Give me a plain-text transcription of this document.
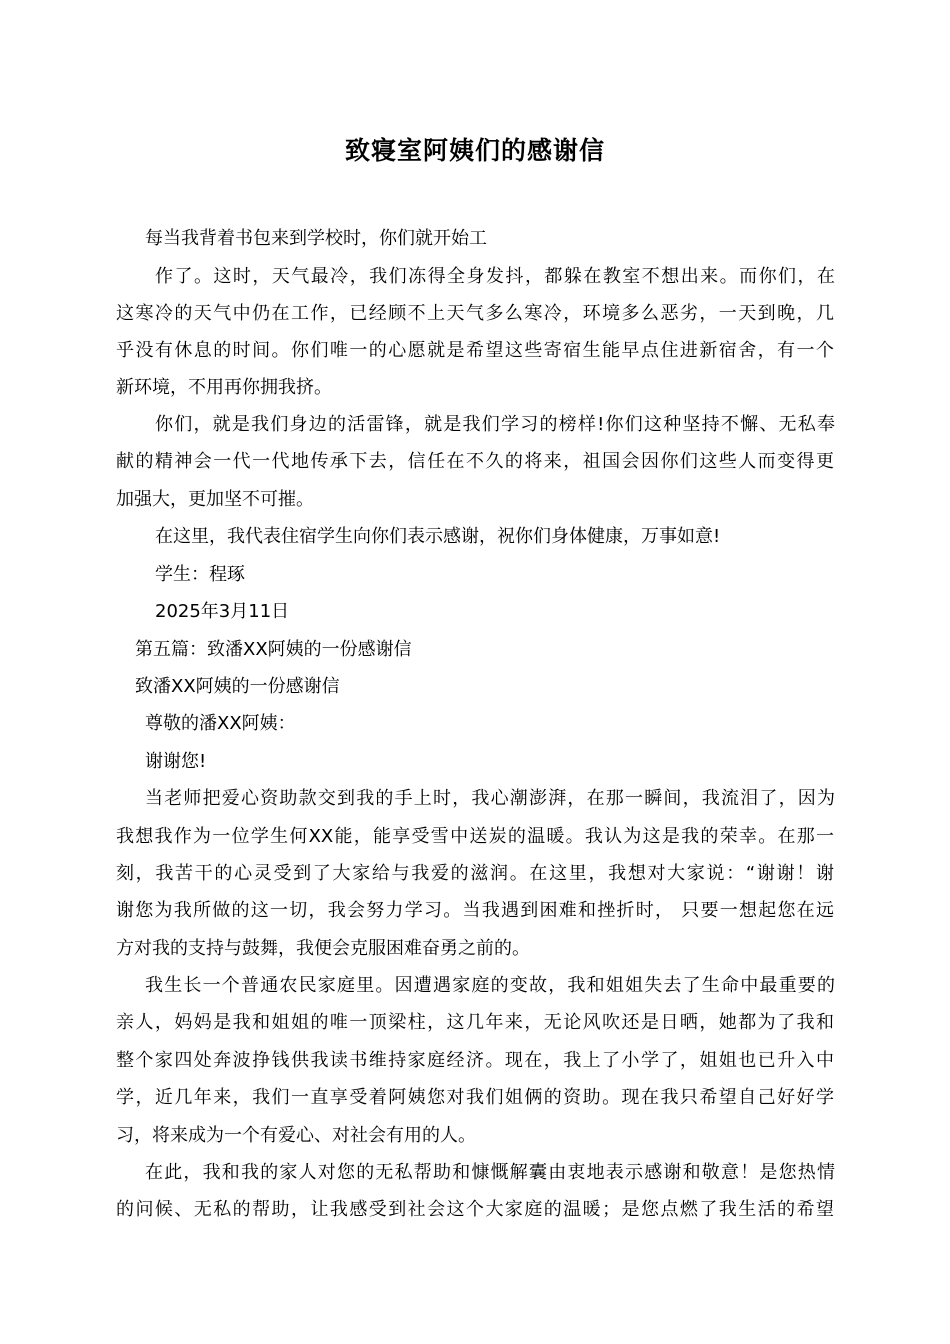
致寝室阿姨们的感谢信
每当我背着书包来到学校时，你们就开始工
作了。这时，天气最冷，我们冻得全身发抖，都躲在教室不想出来。而你们，在
这寒冷的天气中仍在工作，已经顾不上天气多么寒冷，环境多么恶劣，一天到晚，几
乎没有休息的时间。你们唯一的心愿就是希望这些寄宿生能早点住进新宿舍，有一个
新环境，不用再你拥我挤。
你们，就是我们身边的活雷锋，就是我们学习的榜样!你们这种坚持不懈、无私奉
献的精神会一代一代地传承下去，信任在不久的将来，祖国会因你们这些人而变得更
加强大，更加坚不可摧。
在这里，我代表住宿学生向你们表示感谢，祝你们身体健康，万事如意!
学生：程琢
2025年3月11日
第五篇：致潘XX阿姨的一份感谢信
致潘XX阿姨的一份感谢信
尊敬的潘XX阿姨：
谢谢您!
当老师把爱心资助款交到我的手上时，我心潮澎湃，在那一瞬间，我流泪了，因为
我想我作为一位学生何XX能，能享受雪中送炭的温暖。我认为这是我的荣幸。在那一
刻，我苦干的心灵受到了大家给与我爱的滋润。在这里，我想对大家说：“谢谢！谢
谢您为我所做的这一切，我会努力学习。当我遇到困难和挫折时， 只要一想起您在远
方对我的支持与鼓舞，我便会克服困难奋勇之前的。
我生长一个普通农民家庭里。因遭遇家庭的变故，我和姐姐失去了生命中最重要的
亲人，妈妈是我和姐姐的唯一顶梁柱，这几年来，无论风吹还是日晒，她都为了我和
整个家四处奔波挣钱供我读书维持家庭经济。现在，我上了小学了，姐姐也已升入中
学，近几年来，我们一直享受着阿姨您对我们姐俩的资助。现在我只希望自己好好学
习，将来成为一个有爱心、对社会有用的人。
在此，我和我的家人对您的无私帮助和慷慨解囊由衷地表示感谢和敬意！是您热情
的问候、无私的帮助，让我感受到社会这个大家庭的温暖；是您点燃了我生活的希望
